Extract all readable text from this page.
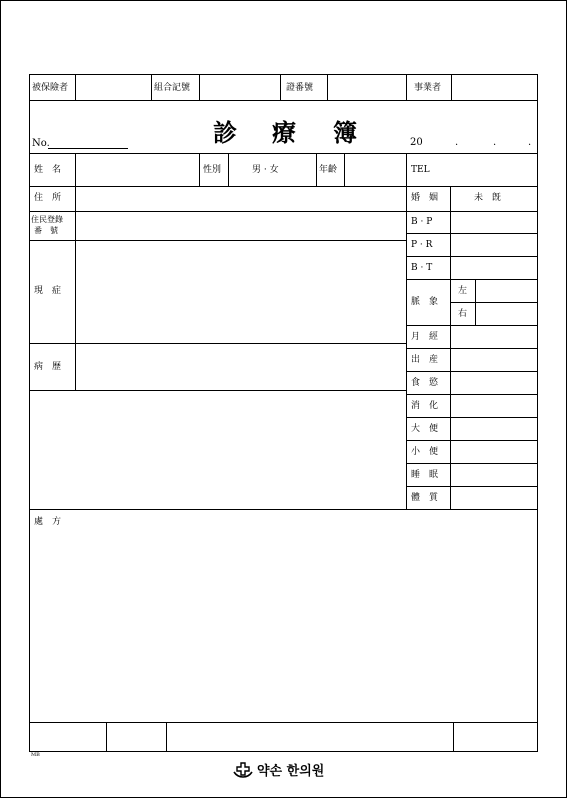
被保險者	組合記號	證番號	事業者
No.	診 療 簿	20	.	.	.
姓　名	性別	男 · 女	年齡	TEL
住　所
住民登錄
番　號
現　症
病　歷
處　方
婚　姻	未　旣
B · P
P · R
B · T
脈　象
左
右
月　經
出　産
食　慾
消　化
大　便
小　便
睡　眠
體　質
MB
약손 한의원
